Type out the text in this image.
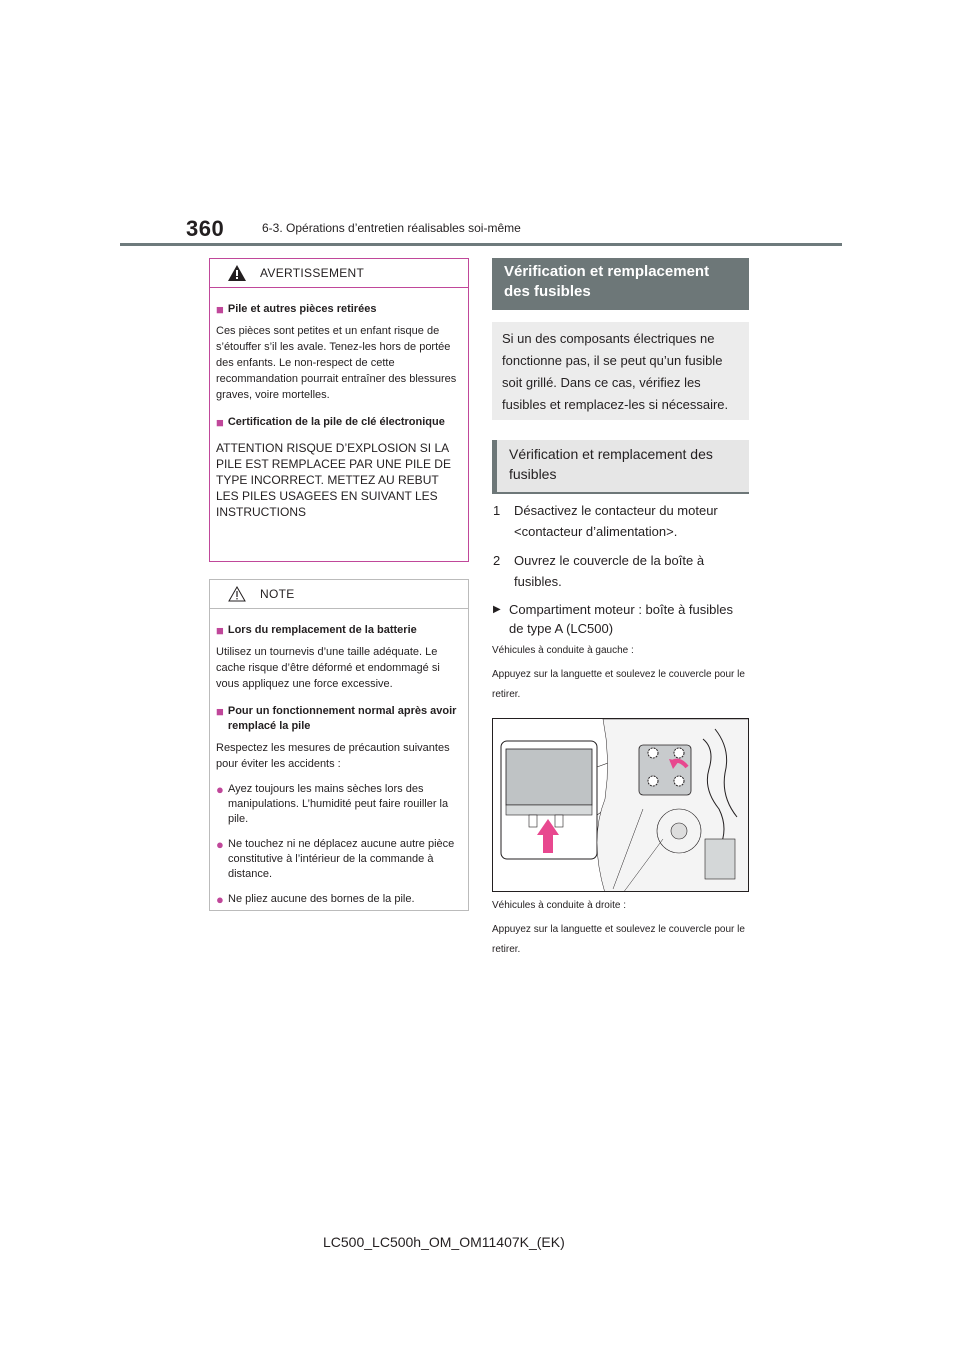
360	6-3. Opérations d’entretien réalisables soi-même
AVERTISSEMENT
■ Pile et autres pièces retirées
Ces pièces sont petites et un enfant risque de s’étouffer s’il les avale. Tenez-les hors de portée des enfants. Le non-respect de cette recommandation pourrait entraîner des blessures graves, voire mortelles.
■ Certification de la pile de clé électronique
ATTENTION RISQUE D’EXPLOSION SI LA PILE EST REMPLACEE PAR UNE PILE DE TYPE INCORRECT. METTEZ AU REBUT LES PILES USAGEES EN SUIVANT LES INSTRUCTIONS
NOTE
■ Lors du remplacement de la batterie
Utilisez un tournevis d’une taille adéquate. Le cache risque d’être déformé et endommagé si vous appliquez une force excessive.
■ Pour un fonctionnement normal après avoir remplacé la pile
Respectez les mesures de précaution suivantes pour éviter les accidents :
● Ayez toujours les mains sèches lors des manipulations. L’humidité peut faire rouiller la pile.
● Ne touchez ni ne déplacez aucune autre pièce constitutive à l’intérieur de la commande à distance.
● Ne pliez aucune des bornes de la pile.
Vérification et remplacement des fusibles
Si un des composants électriques ne fonctionne pas, il se peut qu’un fusible soit grillé. Dans ce cas, vérifiez les fusibles et remplacez-les si nécessaire.
Vérification et remplacement des fusibles
1	Désactivez le contacteur du moteur <contacteur d’alimentation>.
2	Ouvrez le couvercle de la boîte à fusibles.
▶ Compartiment moteur : boîte à fusibles de type A (LC500)
Véhicules à conduite à gauche :
Appuyez sur la languette et soulevez le couvercle pour le retirer.
Véhicules à conduite à droite :
Appuyez sur la languette et soulevez le couvercle pour le retirer.
LC500_LC500h_OM_OM11407K_(EK)
